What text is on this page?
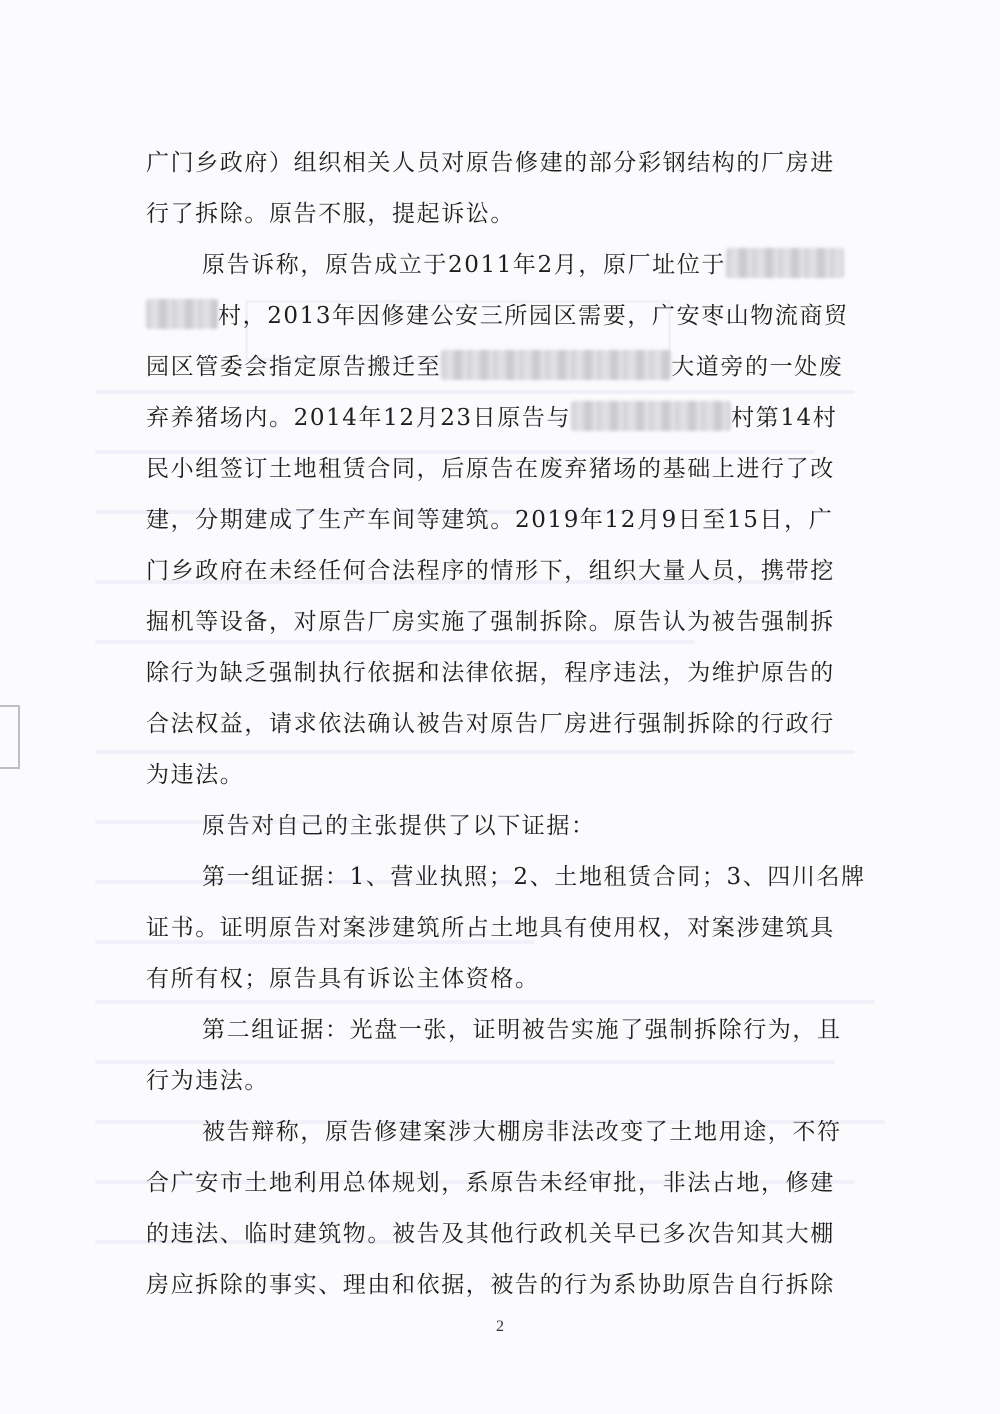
广门乡政府）组织相关人员对原告修建的部分彩钢结构的厂房进
行了拆除。原告不服，提起诉讼。
原告诉称，原告成立于2011年2月，原厂址位于
村，2013年因修建公安三所园区需要，广安枣山物流商贸
园区管委会指定原告搬迁至	大道旁的一处废
弃养猪场内。2014年12月23日原告与	村第14村
民小组签订土地租赁合同，后原告在废弃猪场的基础上进行了改
建，分期建成了生产车间等建筑。2019年12月9日至15日，广
门乡政府在未经任何合法程序的情形下，组织大量人员，携带挖
掘机等设备，对原告厂房实施了强制拆除。原告认为被告强制拆
除行为缺乏强制执行依据和法律依据，程序违法，为维护原告的
合法权益，请求依法确认被告对原告厂房进行强制拆除的行政行
为违法。
原告对自己的主张提供了以下证据：
第一组证据：1、营业执照；2、土地租赁合同；3、四川名牌
证书。证明原告对案涉建筑所占土地具有使用权，对案涉建筑具
有所有权；原告具有诉讼主体资格。
第二组证据：光盘一张，证明被告实施了强制拆除行为，且
行为违法。
被告辩称，原告修建案涉大棚房非法改变了土地用途，不符
合广安市土地利用总体规划，系原告未经审批，非法占地，修建
的违法、临时建筑物。被告及其他行政机关早已多次告知其大棚
房应拆除的事实、理由和依据，被告的行为系协助原告自行拆除
2
